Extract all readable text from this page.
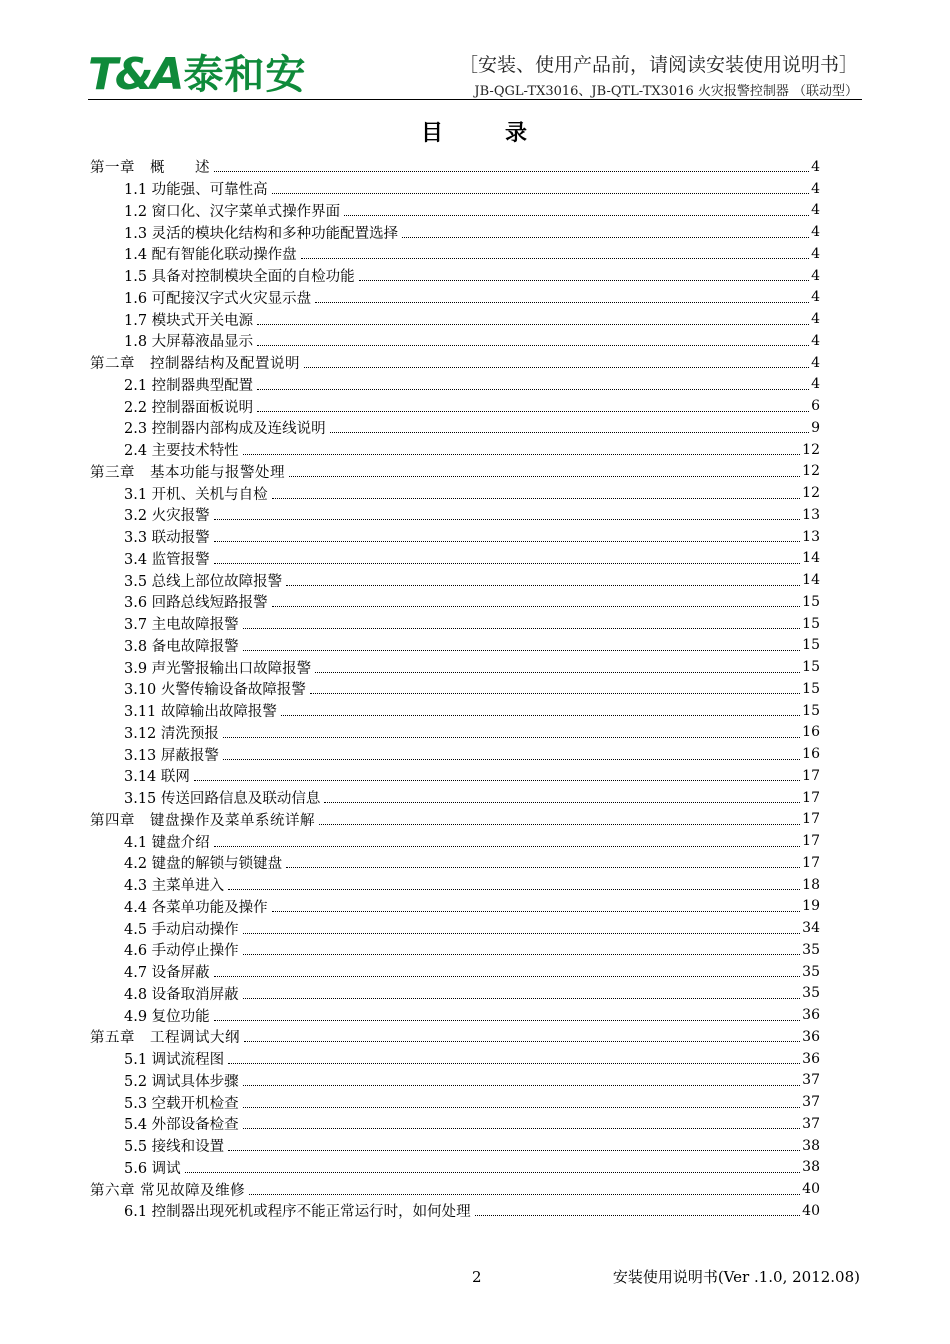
T&A 泰和安	［安装、使用产品前，请阅读安装使用说明书］
JB-QGL-TX3016、JB-QTL-TX3016 火灾报警控制器 （联动型）
目	录
第一章　概　　述	4
1.1 功能强、可靠性高	4
1.2 窗口化、汉字菜单式操作界面	4
1.3 灵活的模块化结构和多种功能配置选择	4
1.4 配有智能化联动操作盘	4
1.5 具备对控制模块全面的自检功能	4
1.6 可配接汉字式火灾显示盘	4
1.7 模块式开关电源	4
1.8 大屏幕液晶显示	4
第二章　控制器结构及配置说明	4
2.1 控制器典型配置	4
2.2 控制器面板说明	6
2.3 控制器内部构成及连线说明	9
2.4 主要技术特性	12
第三章　基本功能与报警处理	12
3.1 开机、关机与自检	12
3.2 火灾报警	13
3.3 联动报警	13
3.4 监管报警	14
3.5 总线上部位故障报警	14
3.6 回路总线短路报警	15
3.7 主电故障报警	15
3.8 备电故障报警	15
3.9 声光警报输出口故障报警	15
3.10 火警传输设备故障报警	15
3.11 故障输出故障报警	15
3.12 清洗预报	16
3.13 屏蔽报警	16
3.14 联网	17
3.15 传送回路信息及联动信息	17
第四章　键盘操作及菜单系统详解	17
4.1 键盘介绍	17
4.2 键盘的解锁与锁键盘	17
4.3 主菜单进入	18
4.4 各菜单功能及操作	19
4.5 手动启动操作	34
4.6 手动停止操作	35
4.7 设备屏蔽	35
4.8 设备取消屏蔽	35
4.9 复位功能	36
第五章　工程调试大纲	36
5.1 调试流程图	36
5.2 调试具体步骤	37
5.3 空载开机检查	37
5.4 外部设备检查	37
5.5 接线和设置	38
5.6 调试	38
第六章 常见故障及维修	40
6.1 控制器出现死机或程序不能正常运行时，如何处理	40
2	安装使用说明书(Ver .1.0, 2012.08)
